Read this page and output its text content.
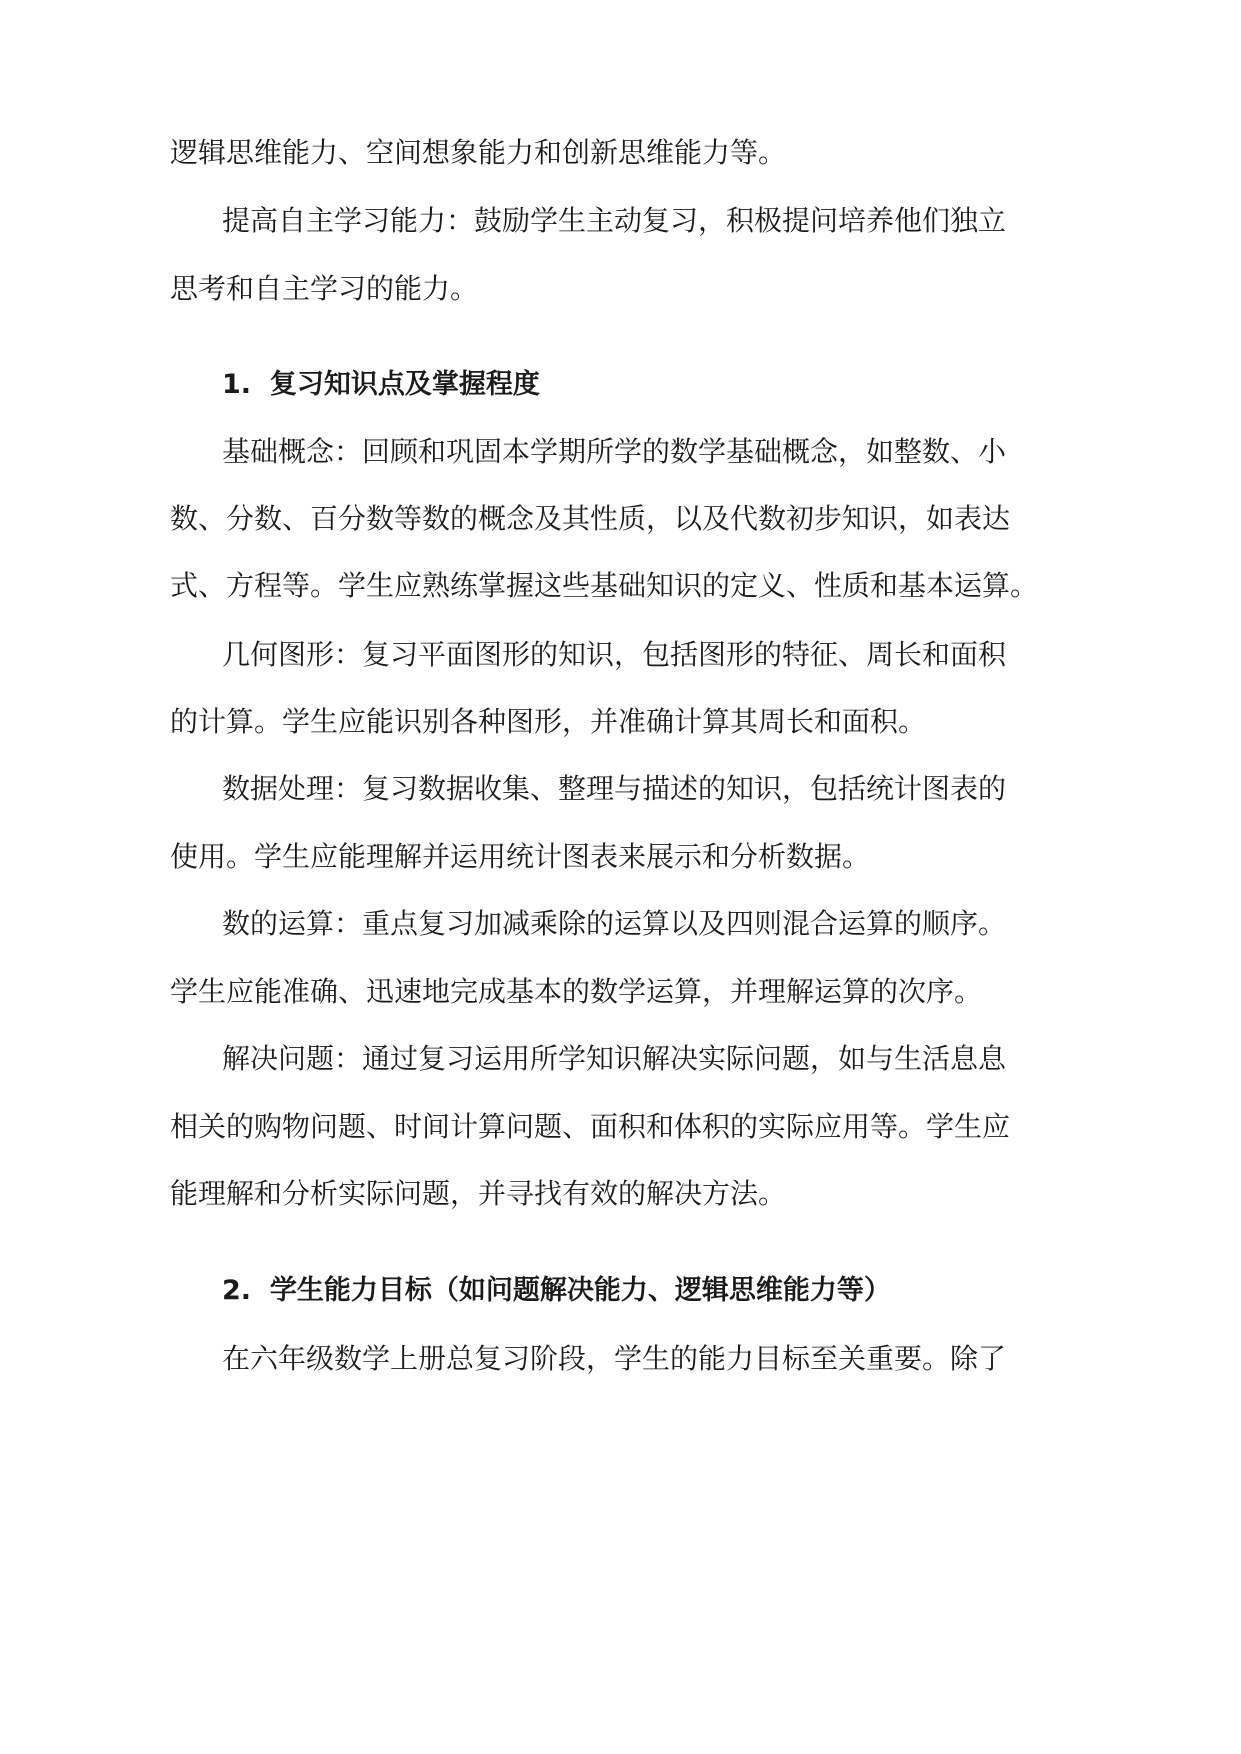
逻辑思维能力、空间想象能力和创新思维能力等。
提高自主学习能力：鼓励学生主动复习，积极提问培养他们独立
思考和自主学习的能力。
1.  复习知识点及掌握程度
基础概念：回顾和巩固本学期所学的数学基础概念，如整数、小
数、分数、百分数等数的概念及其性质，以及代数初步知识，如表达
式、方程等。学生应熟练掌握这些基础知识的定义、性质和基本运算。
几何图形：复习平面图形的知识，包括图形的特征、周长和面积
的计算。学生应能识别各种图形，并准确计算其周长和面积。
数据处理：复习数据收集、整理与描述的知识，包括统计图表的
使用。学生应能理解并运用统计图表来展示和分析数据。
数的运算：重点复习加减乘除的运算以及四则混合运算的顺序。
学生应能准确、迅速地完成基本的数学运算，并理解运算的次序。
解决问题：通过复习运用所学知识解决实际问题，如与生活息息
相关的购物问题、时间计算问题、面积和体积的实际应用等。学生应
能理解和分析实际问题，并寻找有效的解决方法。
2.  学生能力目标（如问题解决能力、逻辑思维能力等）
在六年级数学上册总复习阶段，学生的能力目标至关重要。除了
